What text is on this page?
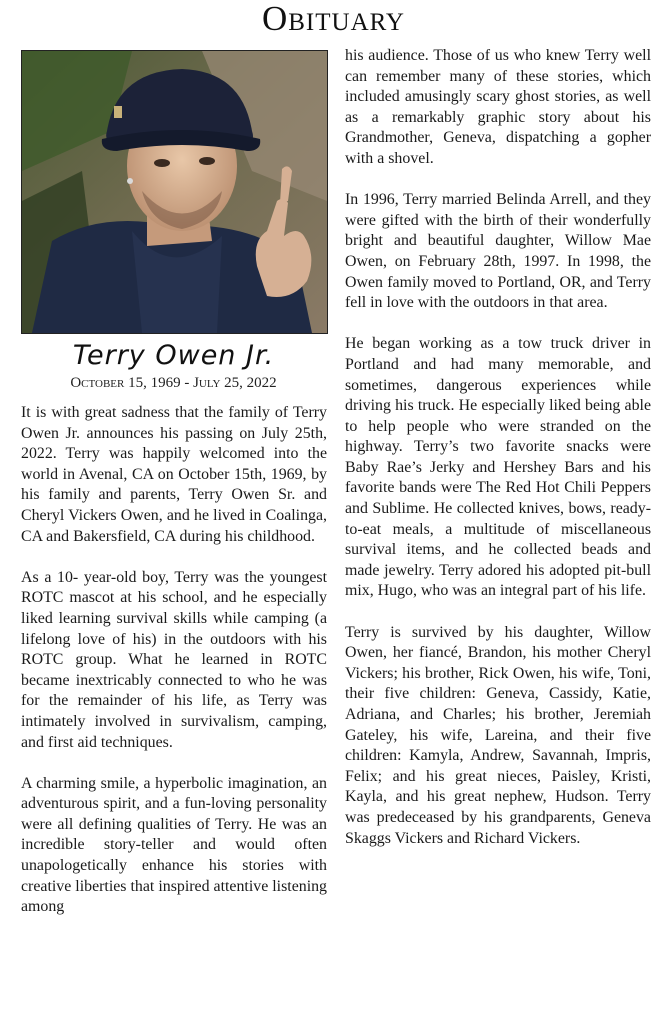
Obituary
Terry Owen Jr.
October 15, 1969 - July 25, 2022

It is with great sadness that the family of Terry Owen Jr. announces his passing on July 25th, 2022. Terry was happily welcomed into the world in Avenal, CA on October 15th, 1969, by his family and parents, Terry Owen Sr. and Cheryl Vickers Owen, and he lived in Coalinga, CA and Bakersfield, CA during his childhood.

As a 10- year-old boy, Terry was the youngest ROTC mascot at his school, and he especially liked learning survival skills while camping (a lifelong love of his) in the outdoors with his ROTC group. What he learned in ROTC became inextricably connected to who he was for the remainder of his life, as Terry was intimately involved in survivalism, camping, and first aid techniques.

A charming smile, a hyperbolic imagination, an adventurous spirit, and a fun-loving personality were all defining qualities of Terry. He was an incredible story-teller and would often unapologetically enhance his stories with creative liberties that inspired attentive listening among

his audience. Those of us who knew Terry well can remember many of these stories, which included amusingly scary ghost stories, as well as a remarkably graphic story about his Grandmother, Geneva, dispatching a gopher with a shovel.

In 1996, Terry married Belinda Arrell, and they were gifted with the birth of their wonderfully bright and beautiful daughter, Willow Mae Owen, on February 28th, 1997. In 1998, the Owen family moved to Portland, OR, and Terry fell in love with the outdoors in that area.

He began working as a tow truck driver in Portland and had many memorable, and sometimes, dangerous experiences while driving his truck. He especially liked being able to help people who were stranded on the highway. Terry’s two favorite snacks were Baby Rae’s Jerky and Hershey Bars and his favorite bands were The Red Hot Chili Peppers and Sublime. He collected knives, bows, ready-to-eat meals, a multitude of miscellaneous survival items, and he collected beads and made jewelry. Terry adored his adopted pit-bull mix, Hugo, who was an integral part of his life.

Terry is survived by his daughter, Willow Owen, her fiancé, Brandon, his mother Cheryl Vickers; his brother, Rick Owen, his wife, Toni, their five children: Geneva, Cassidy, Katie, Adriana, and Charles; his brother, Jeremiah Gateley, his wife, Lareina, and their five children: Kamyla, Andrew, Savannah, Impris, Felix; and his great nieces, Paisley, Kristi, Kayla, and his great nephew, Hudson. Terry was predeceased by his grandparents, Geneva Skaggs Vickers and Richard Vickers.
